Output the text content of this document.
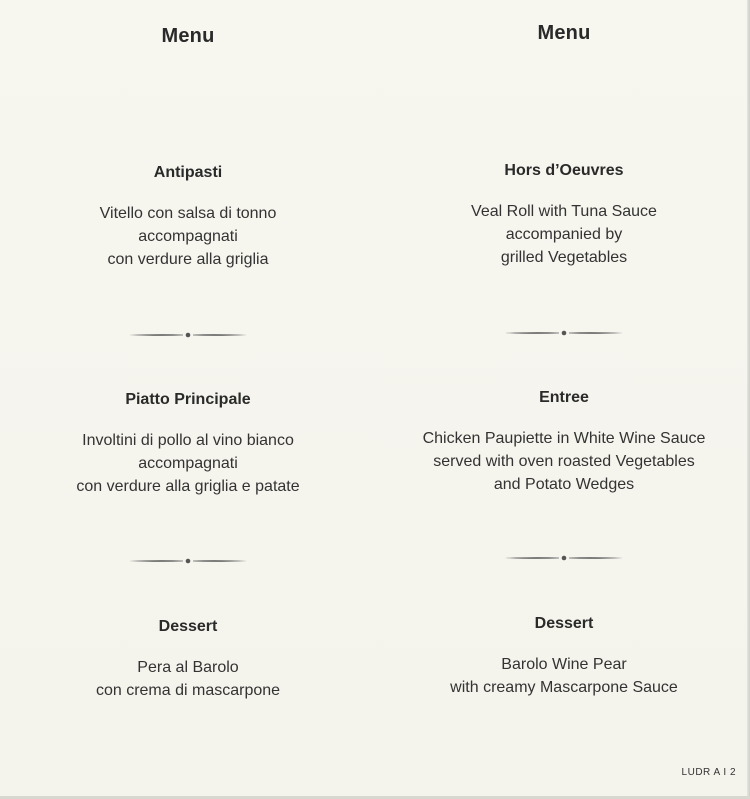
Menu
Antipasti
Vitello con salsa di tonno
accompagnati
con verdure alla griglia
Piatto Principale
Involtini di pollo al vino bianco
accompagnati
con verdure alla griglia e patate
Dessert
Pera al Barolo
con crema di mascarpone
Menu
Hors d’Oeuvres
Veal Roll with Tuna Sauce
accompanied by
grilled Vegetables
Entree
Chicken Paupiette in White Wine Sauce
served with oven roasted Vegetables
and Potato Wedges
Dessert
Barolo Wine Pear
with creamy Mascarpone Sauce
LUDR A I 2
